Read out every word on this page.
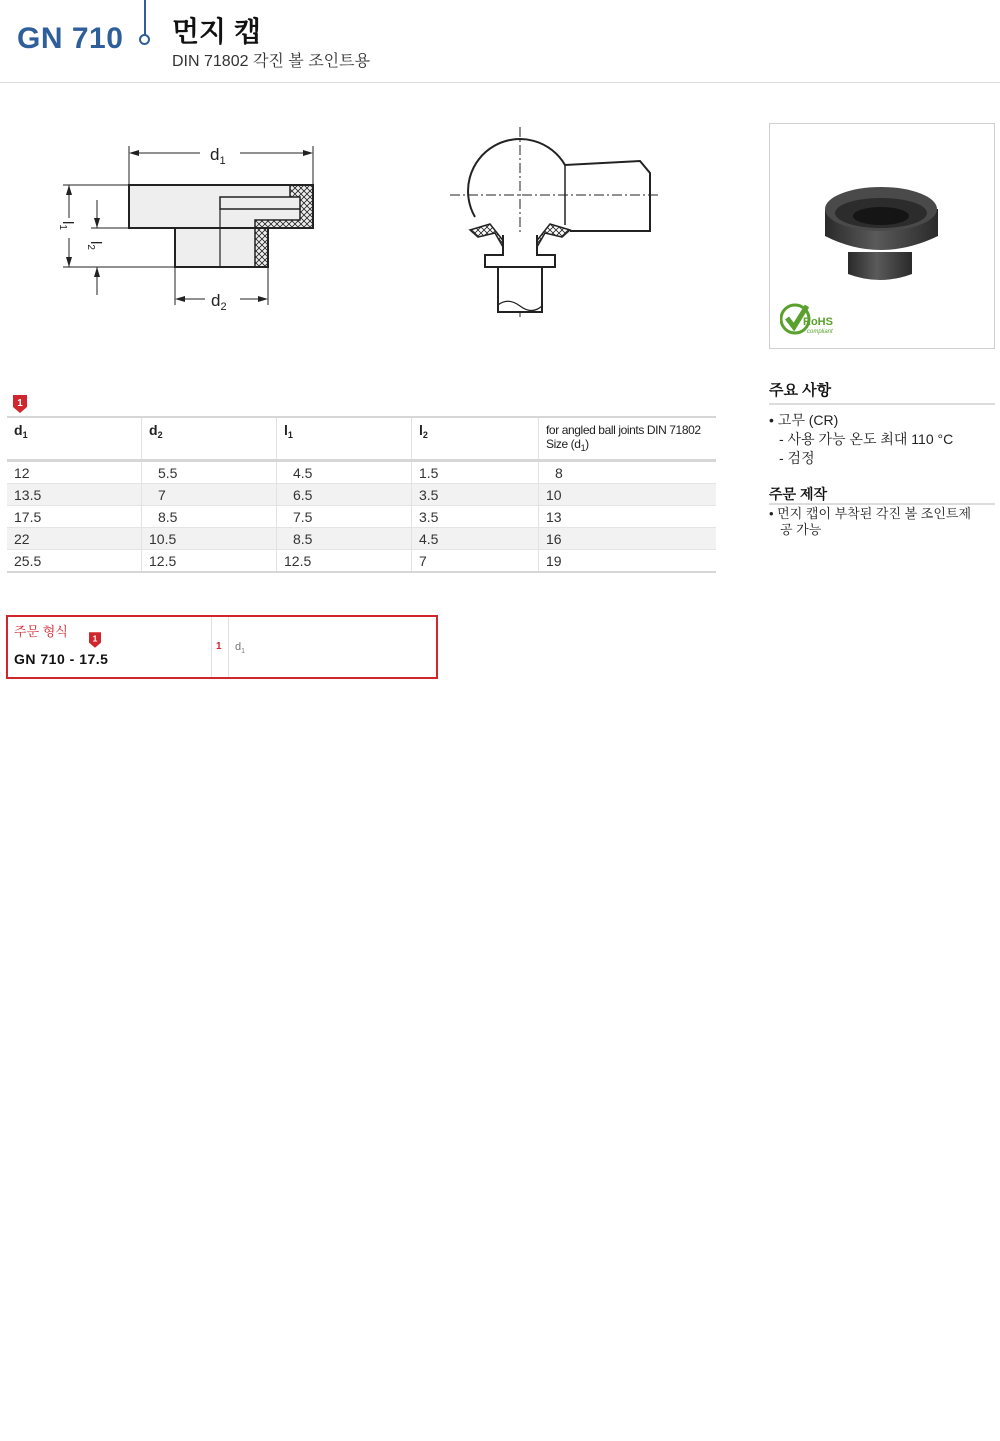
GN 710 먼지 캡
DIN 71802 각진 볼 조인트용
$d_1$
$l_1$
$l_2$
$d_2$
RoHS
compliant
1
$d_1$	$d_2$	$l_1$	$l_2$	for angled ball joints DIN 71802
Size $(d_1)$
12	5.5	4.5	1.5	8
13.5	7	6.5	3.5	10
17.5	8.5	7.5	3.5	13
22	10.5	8.5	4.5	16
25.5	12.5	12.5	7	19
주요 사항
• 고무 (CR)
- 사용 가능 온도 최대 110 °C
- 검정
주문 제작
• 먼지 캡이 부착된 각진 볼 조인트제
공 가능
주문 형식 1
GN 710 - 17.5
1 $d_1$
